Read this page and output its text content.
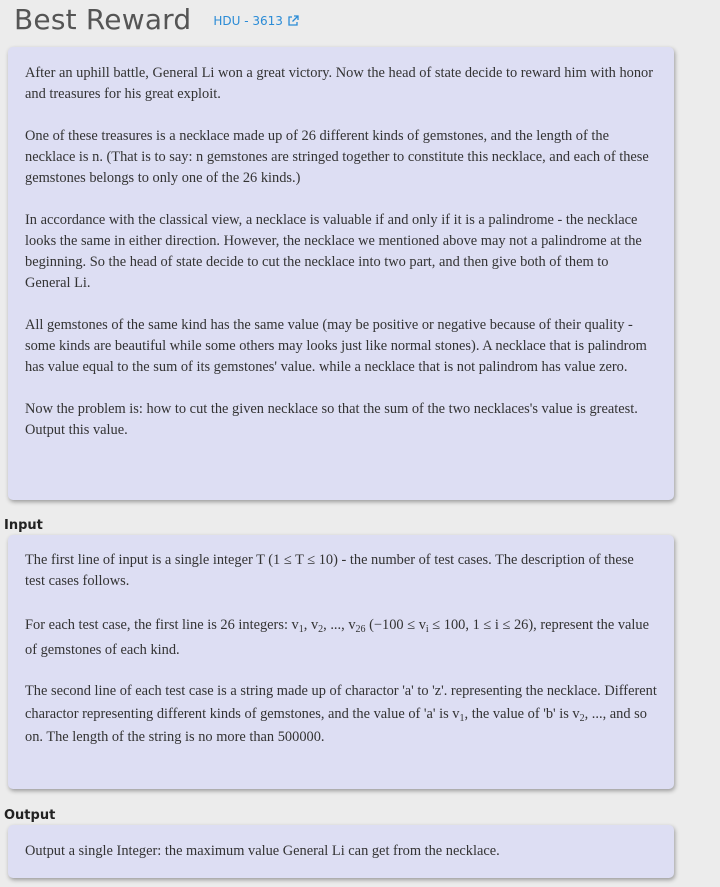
Best Reward HDU - 3613

After an uphill battle, General Li won a great victory. Now the head of state decide to reward him with honor and treasures for his great exploit.

One of these treasures is a necklace made up of 26 different kinds of gemstones, and the length of the necklace is n. (That is to say: n gemstones are stringed together to constitute this necklace, and each of these gemstones belongs to only one of the 26 kinds.)

In accordance with the classical view, a necklace is valuable if and only if it is a palindrome - the necklace looks the same in either direction. However, the necklace we mentioned above may not a palindrome at the beginning. So the head of state decide to cut the necklace into two part, and then give both of them to General Li.

All gemstones of the same kind has the same value (may be positive or negative because of their quality - some kinds are beautiful while some others may looks just like normal stones). A necklace that is palindrom has value equal to the sum of its gemstones' value. while a necklace that is not palindrom has value zero.

Now the problem is: how to cut the given necklace so that the sum of the two necklaces's value is greatest. Output this value.

Input

The first line of input is a single integer T (1 ≤ T ≤ 10) - the number of test cases. The description of these test cases follows.

For each test case, the first line is 26 integers: $v_1$, $v_2$, ..., $v_{26}$ ($-100 \le v_i \le 100$, 1 ≤ i ≤ 26), represent the value of gemstones of each kind.

The second line of each test case is a string made up of charactor 'a' to 'z'. representing the necklace. Different charactor representing different kinds of gemstones, and the value of 'a' is $v_1$, the value of 'b' is $v_2$, ..., and so on. The length of the string is no more than 500000.

Output

Output a single Integer: the maximum value General Li can get from the necklace.
